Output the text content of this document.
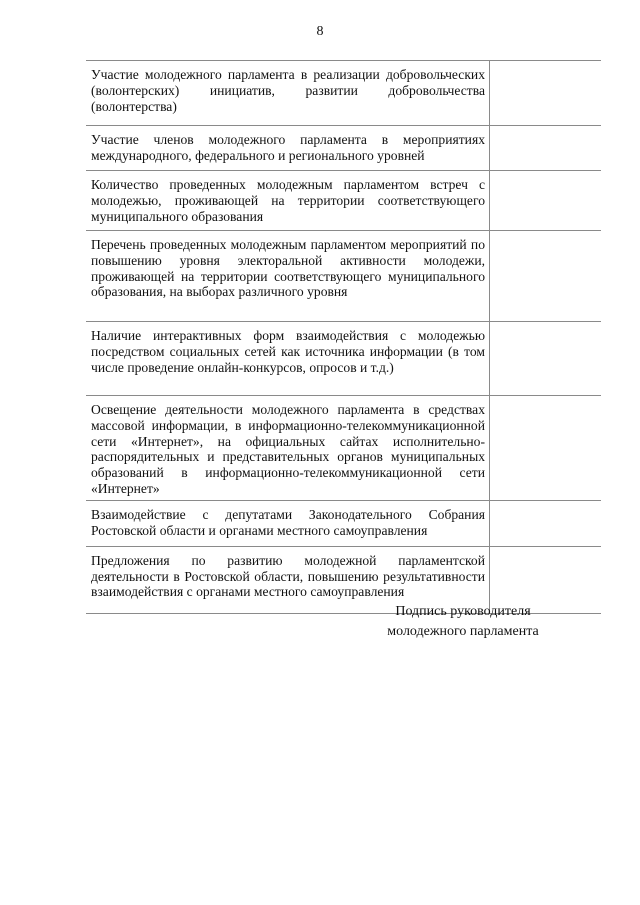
8
Участие молодежного парламента в реализации добровольческих (волонтерских) инициатив, развитии добровольчества (волонтерства)	

Участие членов молодежного парламента в мероприятиях международного, федерального и регионального уровней	

Количество проведенных молодежным парламентом встреч с молодежью, проживающей на территории соответствующего муниципального образования	

Перечень проведенных молодежным парламентом мероприятий по повышению уровня электоральной активности молодежи, проживающей на территории соответствующего муниципального образования, на выборах различного уровня	

Наличие интерактивных форм взаимодействия с молодежью посредством социальных сетей как источника информации (в том числе проведение онлайн-конкурсов, опросов и т.д.)	

Освещение деятельности молодежного парламента в средствах массовой информации, в информационно-телекоммуникационной сети «Интернет», на официальных сайтах исполнительно-распорядительных и представительных органов муниципальных образований в информационно-телекоммуникационной сети «Интернет»	

Взаимодействие с депутатами Законодательного Собрания Ростовской области и органами местного самоуправления	

Предложения по развитию молодежной парламентской деятельности в Ростовской области, повышению результативности взаимодействия с органами местного самоуправления	

Подпись руководителя
молодежного парламента
